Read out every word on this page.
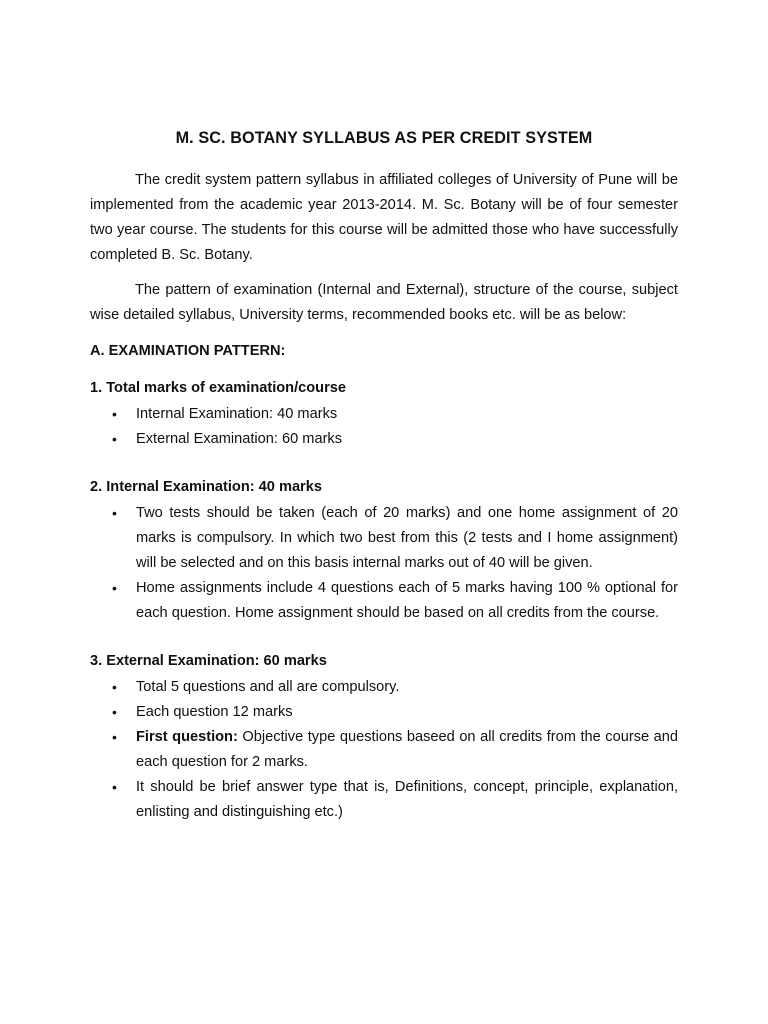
M. SC. BOTANY SYLLABUS AS PER CREDIT SYSTEM

The credit system pattern syllabus in affiliated colleges of University of Pune will be implemented from the academic year 2013-2014. M. Sc. Botany will be of four semester two year course. The students for this course will be admitted those who have successfully completed B. Sc. Botany.

The pattern of examination (Internal and External), structure of the course, subject wise detailed syllabus, University terms, recommended books etc. will be as below:

A. EXAMINATION PATTERN:
1. Total marks of examination/course
• Internal Examination: 40 marks
• External Examination: 60 marks
2. Internal Examination: 40 marks
• Two tests should be taken (each of 20 marks) and one home assignment of 20 marks is compulsory. In which two best from this (2 tests and I home assignment) will be selected and on this basis internal marks out of 40 will be given.
• Home assignments include 4 questions each of 5 marks having 100 % optional for each question. Home assignment should be based on all credits from the course.
3. External Examination: 60 marks
• Total 5 questions and all are compulsory.
• Each question 12 marks
• First question: Objective type questions baseed on all credits from the course and each question for 2 marks.
• It should be brief answer type that is, Definitions, concept, principle, explanation, enlisting and distinguishing etc.)
